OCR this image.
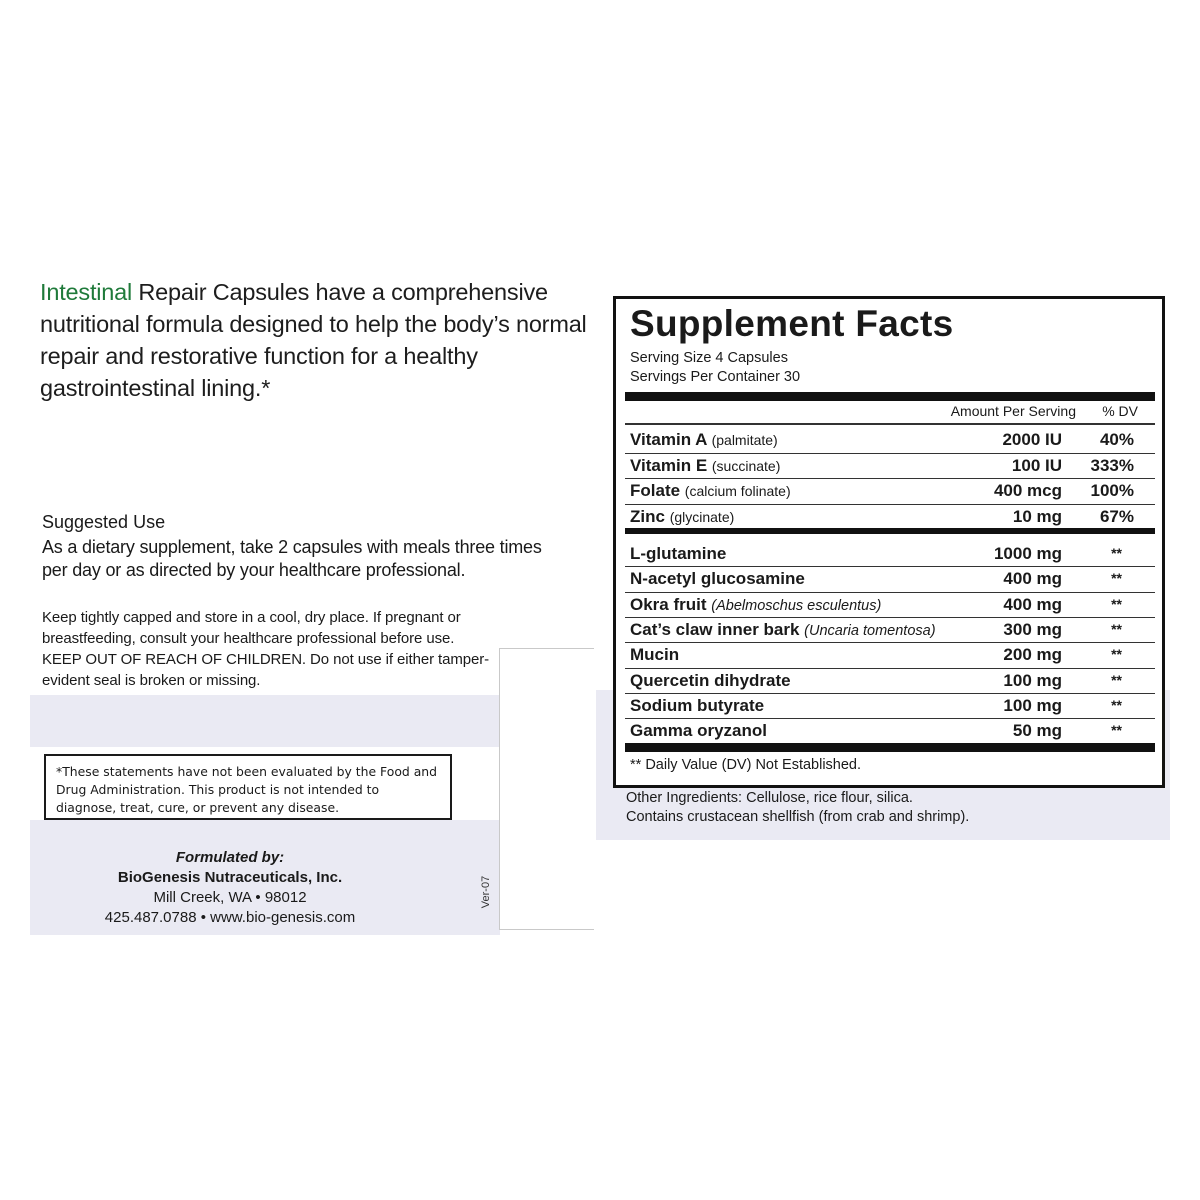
Intestinal Repair Capsules have a comprehensive nutritional formula designed to help the body’s normal repair and restorative function for a healthy gastrointestinal lining.*
Suggested Use
As a dietary supplement, take 2 capsules with meals three times per day or as directed by your healthcare professional.
Keep tightly capped and store in a cool, dry place. If pregnant or breastfeeding, consult your healthcare professional before use. KEEP OUT OF REACH OF CHILDREN. Do not use if either tamper-evident seal is broken or missing.
Ver-07
*These statements have not been evaluated by the Food and Drug Administration. This product is not intended to diagnose, treat, cure, or prevent any disease.
Formulated by:
BioGenesis Nutraceuticals, Inc.
Mill Creek, WA • 98012
425.487.0788 • www.bio-genesis.com
Supplement Facts
Serving Size 4 Capsules
Servings Per Container 30
Amount Per Serving % DV
Vitamin A (palmitate)	2000 IU	40%
Vitamin E (succinate)	100 IU	333%
Folate (calcium folinate)	400 mcg	100%
Zinc (glycinate)	10 mg	67%
L-glutamine	1000 mg	**
N-acetyl glucosamine	400 mg	**
Okra fruit (Abelmoschus esculentus)	400 mg	**
Cat’s claw inner bark (Uncaria tomentosa)	300 mg	**
Mucin	200 mg	**
Quercetin dihydrate	100 mg	**
Sodium butyrate	100 mg	**
Gamma oryzanol	50 mg	**
** Daily Value (DV) Not Established.
Other Ingredients: Cellulose, rice flour, silica.
Contains crustacean shellfish (from crab and shrimp).
